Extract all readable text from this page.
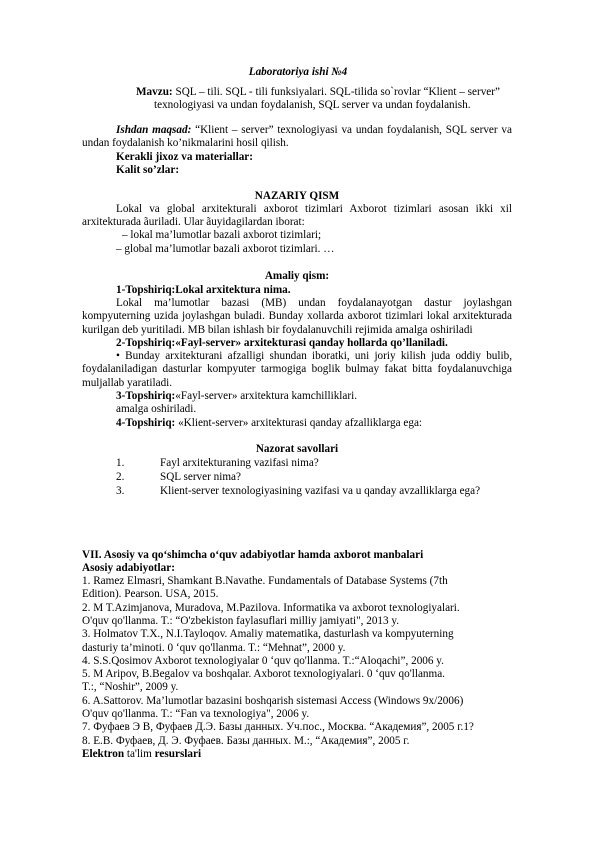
Laboratoriya ishi №4
Mavzu: SQL – tili. SQL - tili funksiyalari. SQL-tilida so`rovlar “Klient – server”
texnologiyasi va undan foydalanish, SQL server va undan foydalanish.
Ishdan maqsad: “Klient – server” texnologiyasi va undan foydalanish, SQL server va undan foydalanish ko’nikmalarini hosil qilish.
Kerakli jixoz va materiallar:
Kalit so’zlar:
NAZARIY QISM
Lokal va global arxitekturali axborot tizimlari Axborot tizimlari asosan ikki xil arxitekturada ãuriladi. Ular ãuyidagilardan iborat:
– lokal ma’lumotlar bazali axborot tizimlari;
– global ma’lumotlar bazali axborot tizimlari. …
Amaliy qism:
1-Topshiriq:Lokal arxitektura nima.
Lokal ma’lumotlar bazasi (MB) undan foydalanayotgan dastur joylashgan kompyuterning uzida joylashgan buladi. Bunday xollarda axborot tizimlari lokal arxitekturada kurilgan deb yuritiladi. MB bilan ishlash bir foydalanuvchili rejimida amalga oshiriladi
2-Topshiriq:«Fayl-server» arxitekturasi qanday hollarda qo’llaniladi.
• Bunday arxitekturani afzalligi shundan iboratki, uni joriy kilish juda oddiy bulib, foydalaniladigan dasturlar kompyuter tarmogiga boglik bulmay fakat bitta foydalanuvchiga muljallab yaratiladi.
3-Topshiriq:«Fayl-server» arxitektura kamchilliklari.
amalga oshiriladi.
4-Topshiriq: «Klient-server» arxitekturasi qanday afzalliklarga ega:
Nazorat savollari
1.	Fayl arxitekturaning vazifasi nima?
2.	SQL server nima?
3.	Klient-server texnologiyasining vazifasi va u qanday avzalliklarga ega?
VII. Asosiy va qo‘shimcha o‘quv adabiyotlar hamda axborot manbalari
Asosiy adabiyotlar:
1. Ramez Elmasri, Shamkant B.Navathe. Fundamentals of Database Systems (7th
Edition). Pearson. USA, 2015.
2. M T.Azimjanova, Muradova, M.Pazilova. Informatika va axborot texnologiyalari.
O'quv qo'llanma. T.: “O'zbekiston faylasuflari milliy jamiyati", 2013 y.
3. Holmatov T.X., N.I.Tayloqov. Amaliy matematika, dasturlash va kompyuterning
dasturiy ta’minoti. 0 ‘quv qo'llanma. T.: “Mehnat”, 2000 y.
4. S.S.Qosimov Axborot texnologiyalar 0 ‘quv qo'llanma. T.:“Aloqachi”, 2006 y.
5. M Aripov, B.Begalov va boshqalar. Axborot texnologiyalari. 0 ‘quv qo'llanma.
T.:, “Noshir”, 2009 y.
6. A.Sattorov. Ma’lumotlar bazasini boshqarish sistemasi Access (Windows 9x/2006)
O'quv qo'llanma. T.: “Fan va texnologiya", 2006 y.
7. Фуфаев Э В, Фуфаев Д.Э. Базы данных. Уч.пос., Москва. “Академия”, 2005 г.1?
8. Е.В. Фуфаев, Д. Э. Фуфаев. Базы данных. М.:, “Академия”, 2005 г.
Elektron ta'lim resurslari
